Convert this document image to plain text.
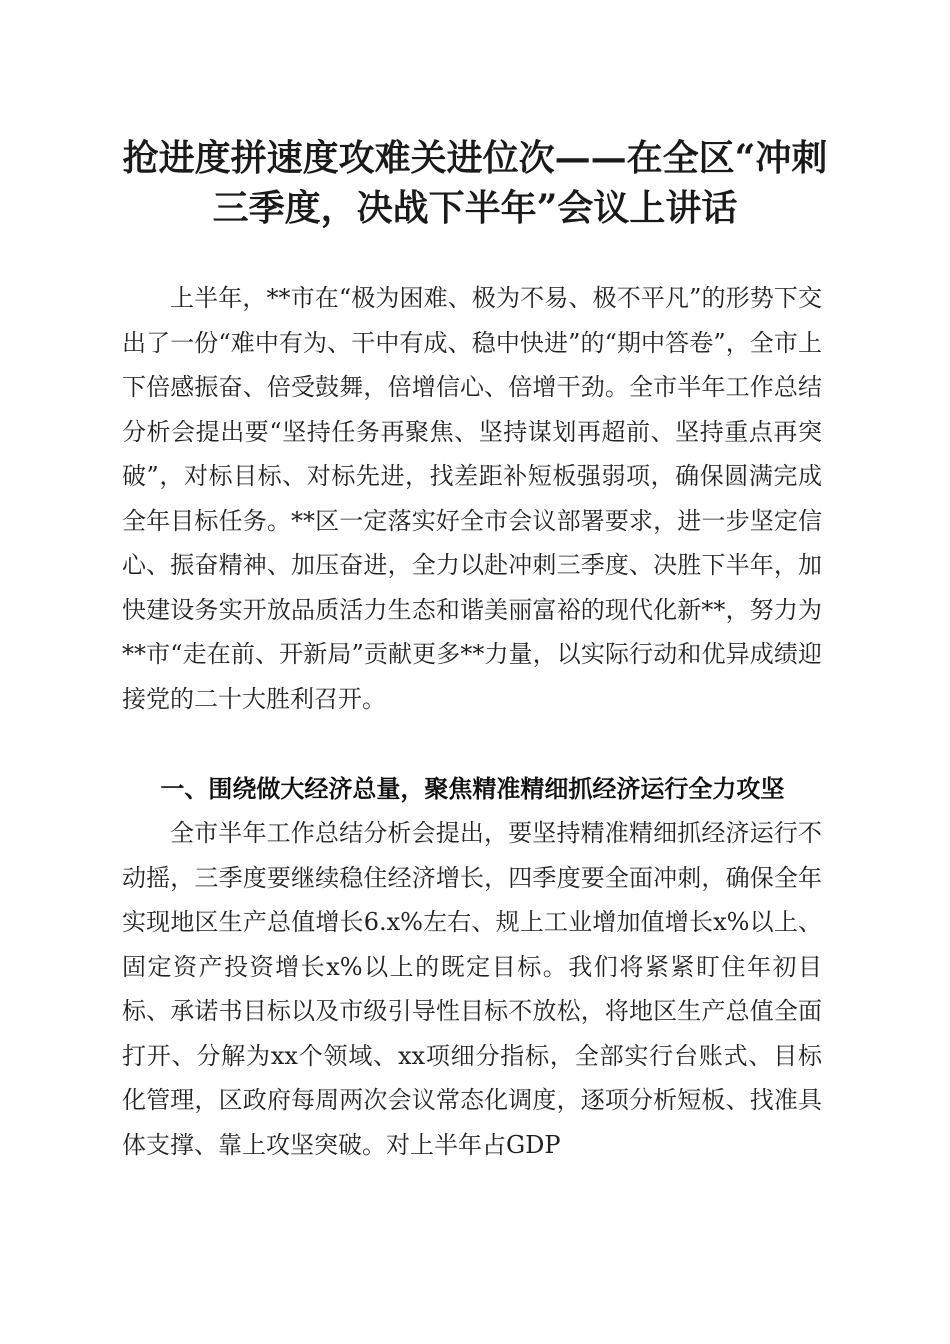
抢进度拼速度攻难关进位次——在全区“冲刺
三季度，决战下半年”会议上讲话

上半年，**市在“极为困难、极为不易、极不平凡”的形势下交出了一份“难中有为、干中有成、稳中快进”的“期中答卷”，全市上下倍感振奋、倍受鼓舞，倍增信心、倍增干劲。全市半年工作总结分析会提出要“坚持任务再聚焦、坚持谋划再超前、坚持重点再突破”，对标目标、对标先进，找差距补短板强弱项，确保圆满完成全年目标任务。**区一定落实好全市会议部署要求，进一步坚定信心、振奋精神、加压奋进，全力以赴冲刺三季度、决胜下半年，加快建设务实开放品质活力生态和谐美丽富裕的现代化新**，努力为**市“走在前、开新局”贡献更多**力量，以实际行动和优异成绩迎接党的二十大胜利召开。

一、围绕做大经济总量，聚焦精准精细抓经济运行全力攻坚

全市半年工作总结分析会提出，要坚持精准精细抓经济运行不动摇，三季度要继续稳住经济增长，四季度要全面冲刺，确保全年实现地区生产总值增长6.x%左右、规上工业增加值增长x%以上、固定资产投资增长x%以上的既定目标。我们将紧紧盯住年初目标、承诺书目标以及市级引导性目标不放松，将地区生产总值全面打开、分解为xx个领域、xx项细分指标，全部实行台账式、目标化管理，区政府每周两次会议常态化调度，逐项分析短板、找准具体支撑、靠上攻坚突破。对上半年占GDP
